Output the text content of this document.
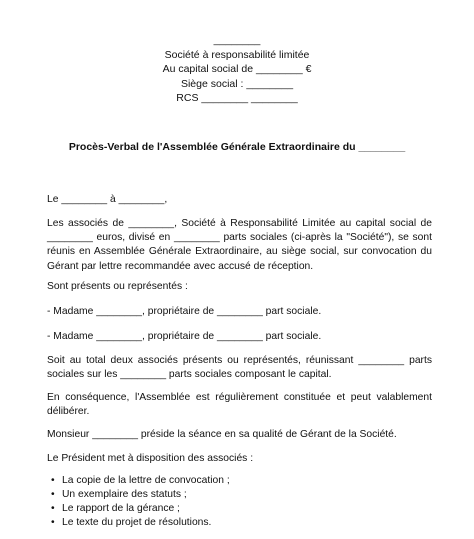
________
Société à responsabilité limitée
Au capital social de ________ €
Siège social : ________
RCS ________ ________
Procès-Verbal de l'Assemblée Générale Extraordinaire du ________
Le ________ à ________,
Les associés de ________, Société à Responsabilité Limitée au capital social de ________ euros, divisé en ________ parts sociales (ci-après la "Société"), se sont réunis en Assemblée Générale Extraordinaire, au siège social, sur convocation du Gérant par lettre recommandée avec accusé de réception.
Sont présents ou représentés :
- Madame ________, propriétaire de ________ part sociale.
- Madame ________, propriétaire de ________ part sociale.
Soit au total deux associés présents ou représentés, réunissant ________ parts sociales sur les ________ parts sociales composant le capital.
En conséquence, l'Assemblée est régulièrement constituée et peut valablement délibérer.
Monsieur ________ préside la séance en sa qualité de Gérant de la Société.
Le Président met à disposition des associés :
• La copie de la lettre de convocation ;
• Un exemplaire des statuts ;
• Le rapport de la gérance ;
• Le texte du projet de résolutions.
